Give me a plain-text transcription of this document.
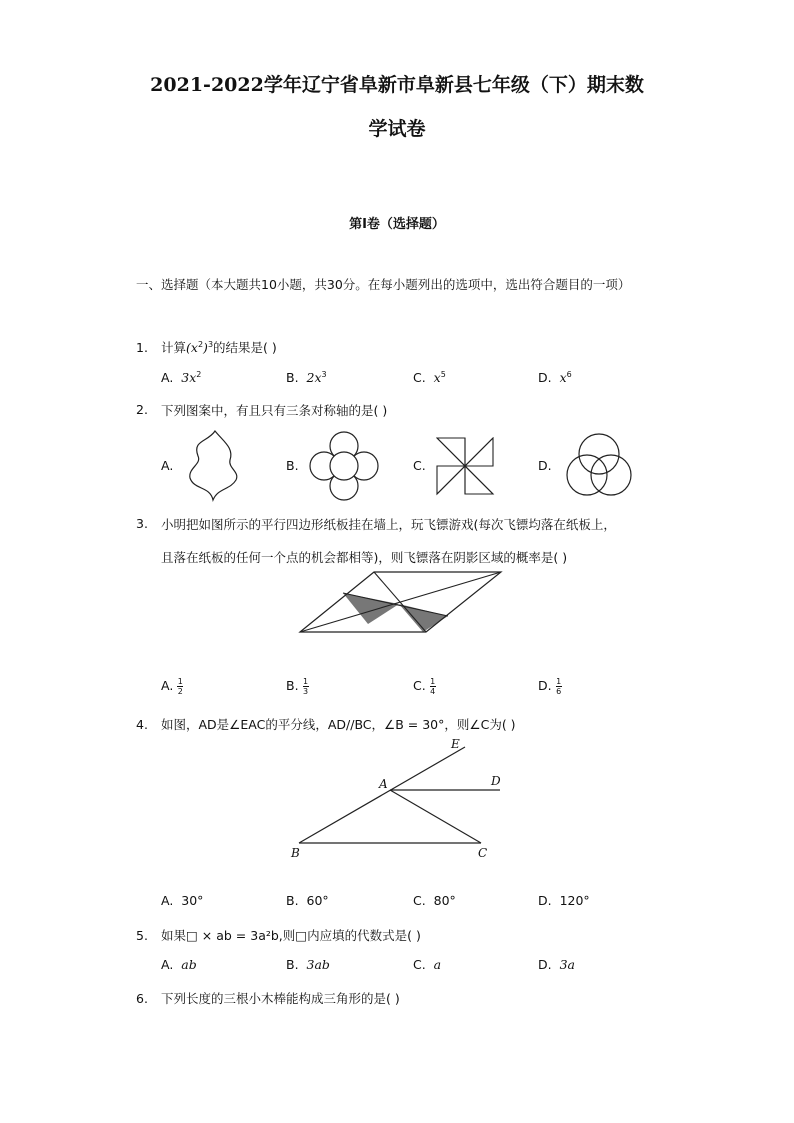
2021-2022学年辽宁省阜新市阜新县七年级（下）期末数
学试卷
第I卷（选择题）
一、选择题（本大题共10小题，共30分。在每小题列出的选项中，选出符合题目的一项）
1. 计算$(x^2)^3$的结果是( )
A. $3x^2$	B. $2x^3$	C. $x^5$	D. $x^6$
2. 下列图案中，有且只有三条对称轴的是( )
A.	B.	C.	D.
3. 小明把如图所示的平行四边形纸板挂在墙上，玩飞镖游戏(每次飞镖均落在纸板上，
且落在纸板的任何一个点的机会都相等)，则飞镖落在阴影区域的概率是( )
A. $\frac{1}{2}$	B. $\frac{1}{3}$	C. $\frac{1}{4}$	D. $\frac{1}{6}$
4. 如图，AD是∠EAC的平分线，AD//BC，∠B = 30°，则∠C为( )
E
A	D
B	C
A. 30°	B. 60°	C. 80°	D. 120°
5. 如果□ × ab = 3a²b,则□内应填的代数式是( )
A. ab	B. 3ab	C. a	D. 3a
6. 下列长度的三根小木棒能构成三角形的是( )
